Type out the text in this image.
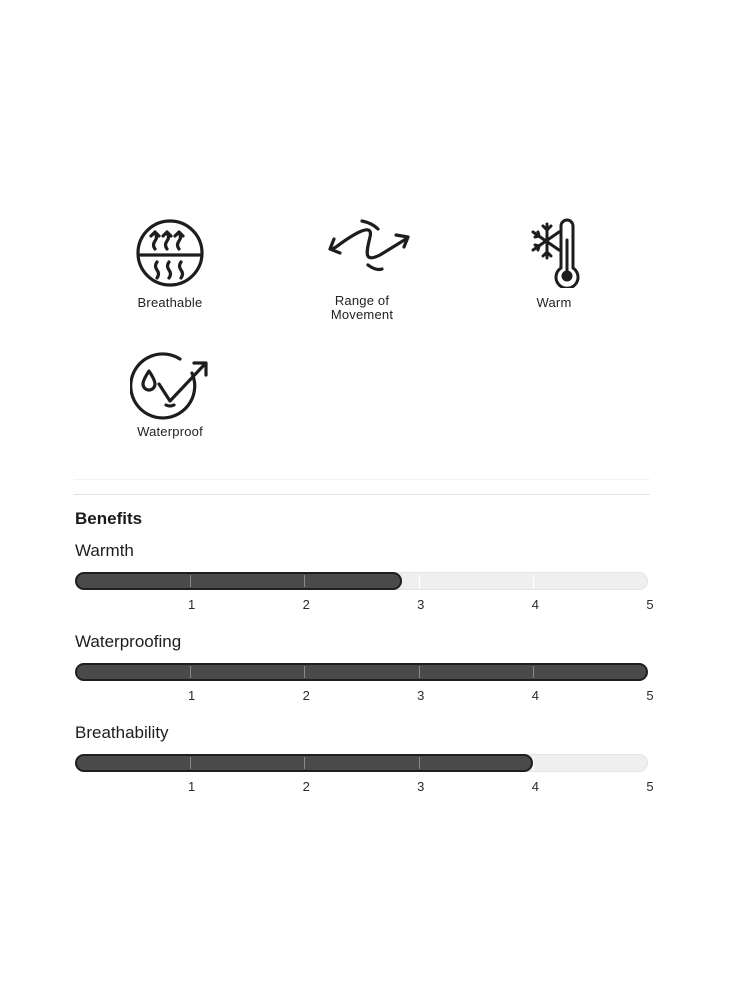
Breathable	Range of
Movement
Warm
Waterproof
Benefits
Warmth
1	2	3	4	5
Waterproofing
1	2	3	4	5
Breathability
1	2	3	4	5
